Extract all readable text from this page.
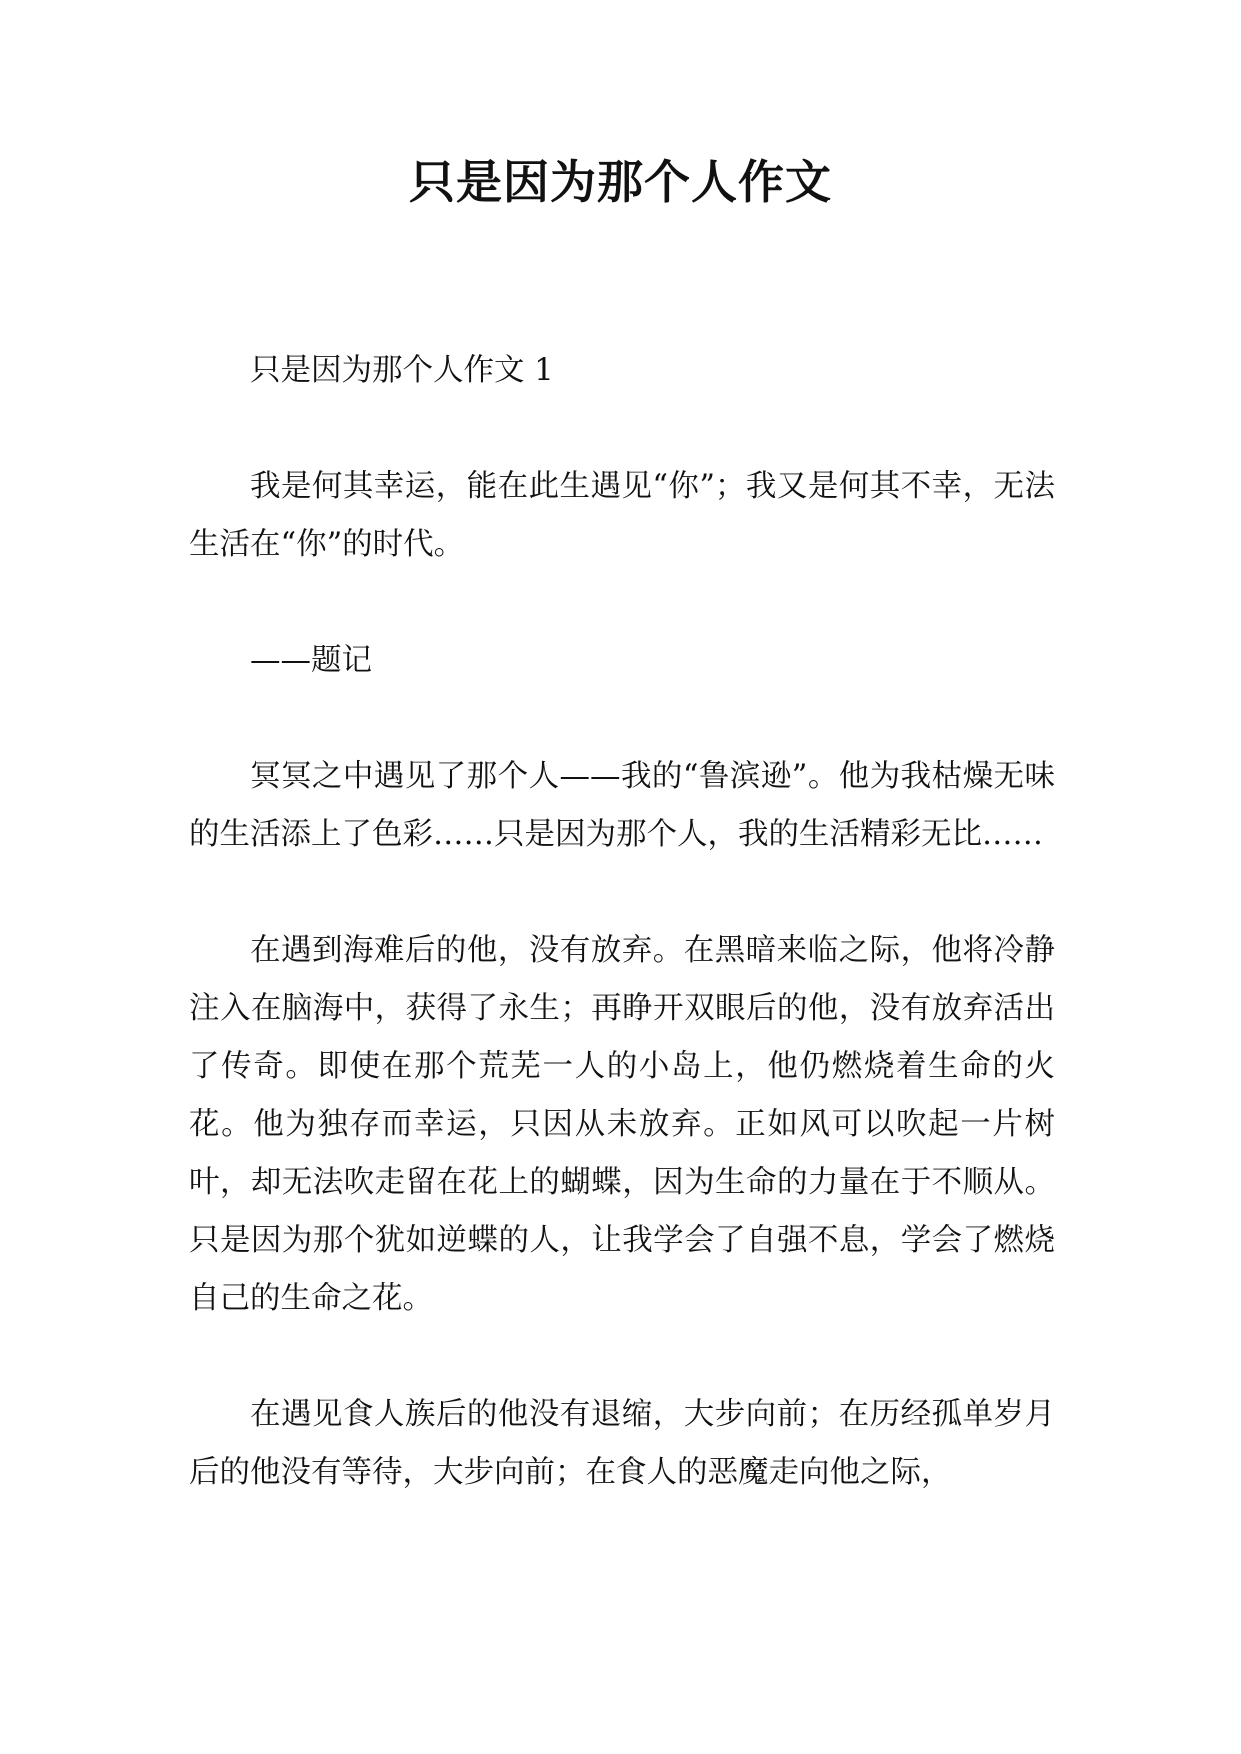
只是因为那个人作文

只是因为那个人作文 1

我是何其幸运，能在此生遇见“你”；我又是何其不幸，无法生活在“你”的时代。

——题记

冥冥之中遇见了那个人——我的“鲁滨逊”。他为我枯燥无味的生活添上了色彩……只是因为那个人，我的生活精彩无比……

在遇到海难后的他，没有放弃。在黑暗来临之际，他将冷静注入在脑海中，获得了永生；再睁开双眼后的他，没有放弃活出了传奇。即使在那个荒芜一人的小岛上，他仍燃烧着生命的火花。他为独存而幸运，只因从未放弃。正如风可以吹起一片树叶，却无法吹走留在花上的蝴蝶，因为生命的力量在于不顺从。只是因为那个犹如逆蝶的人，让我学会了自强不息，学会了燃烧自己的生命之花。

在遇见食人族后的他没有退缩，大步向前；在历经孤单岁月后的他没有等待，大步向前；在食人的恶魔走向他之际，
